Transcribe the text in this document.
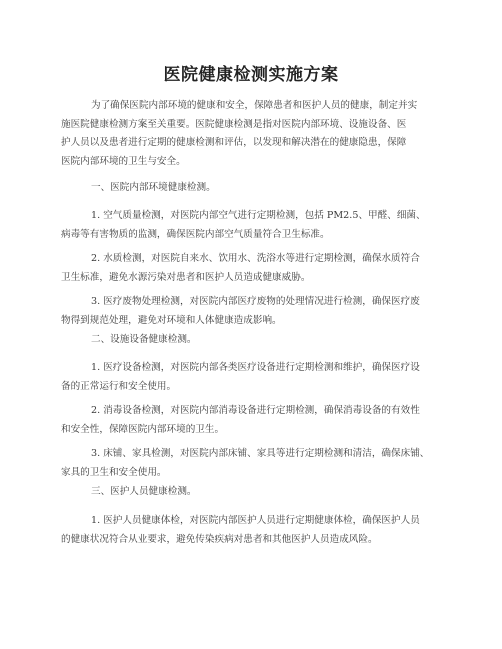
医院健康检测实施方案

为了确保医院内部环境的健康和安全，保障患者和医护人员的健康，制定并实
施医院健康检测方案至关重要。医院健康检测是指对医院内部环境、设施设备、医
护人员以及患者进行定期的健康检测和评估，以发现和解决潜在的健康隐患，保障
医院内部环境的卫生与安全。

一、医院内部环境健康检测。

1. 空气质量检测，对医院内部空气进行定期检测，包括 PM2.5、甲醛、细菌、
病毒等有害物质的监测，确保医院内部空气质量符合卫生标准。

2. 水质检测，对医院自来水、饮用水、洗浴水等进行定期检测，确保水质符合
卫生标准，避免水源污染对患者和医护人员造成健康威胁。

3. 医疗废物处理检测，对医院内部医疗废物的处理情况进行检测，确保医疗废
物得到规范处理，避免对环境和人体健康造成影响。

二、设施设备健康检测。

1. 医疗设备检测，对医院内部各类医疗设备进行定期检测和维护，确保医疗设
备的正常运行和安全使用。

2. 消毒设备检测，对医院内部消毒设备进行定期检测，确保消毒设备的有效性
和安全性，保障医院内部环境的卫生。

3. 床铺、家具检测，对医院内部床铺、家具等进行定期检测和清洁，确保床铺、
家具的卫生和安全使用。

三、医护人员健康检测。

1. 医护人员健康体检，对医院内部医护人员进行定期健康体检，确保医护人员
的健康状况符合从业要求，避免传染疾病对患者和其他医护人员造成风险。
